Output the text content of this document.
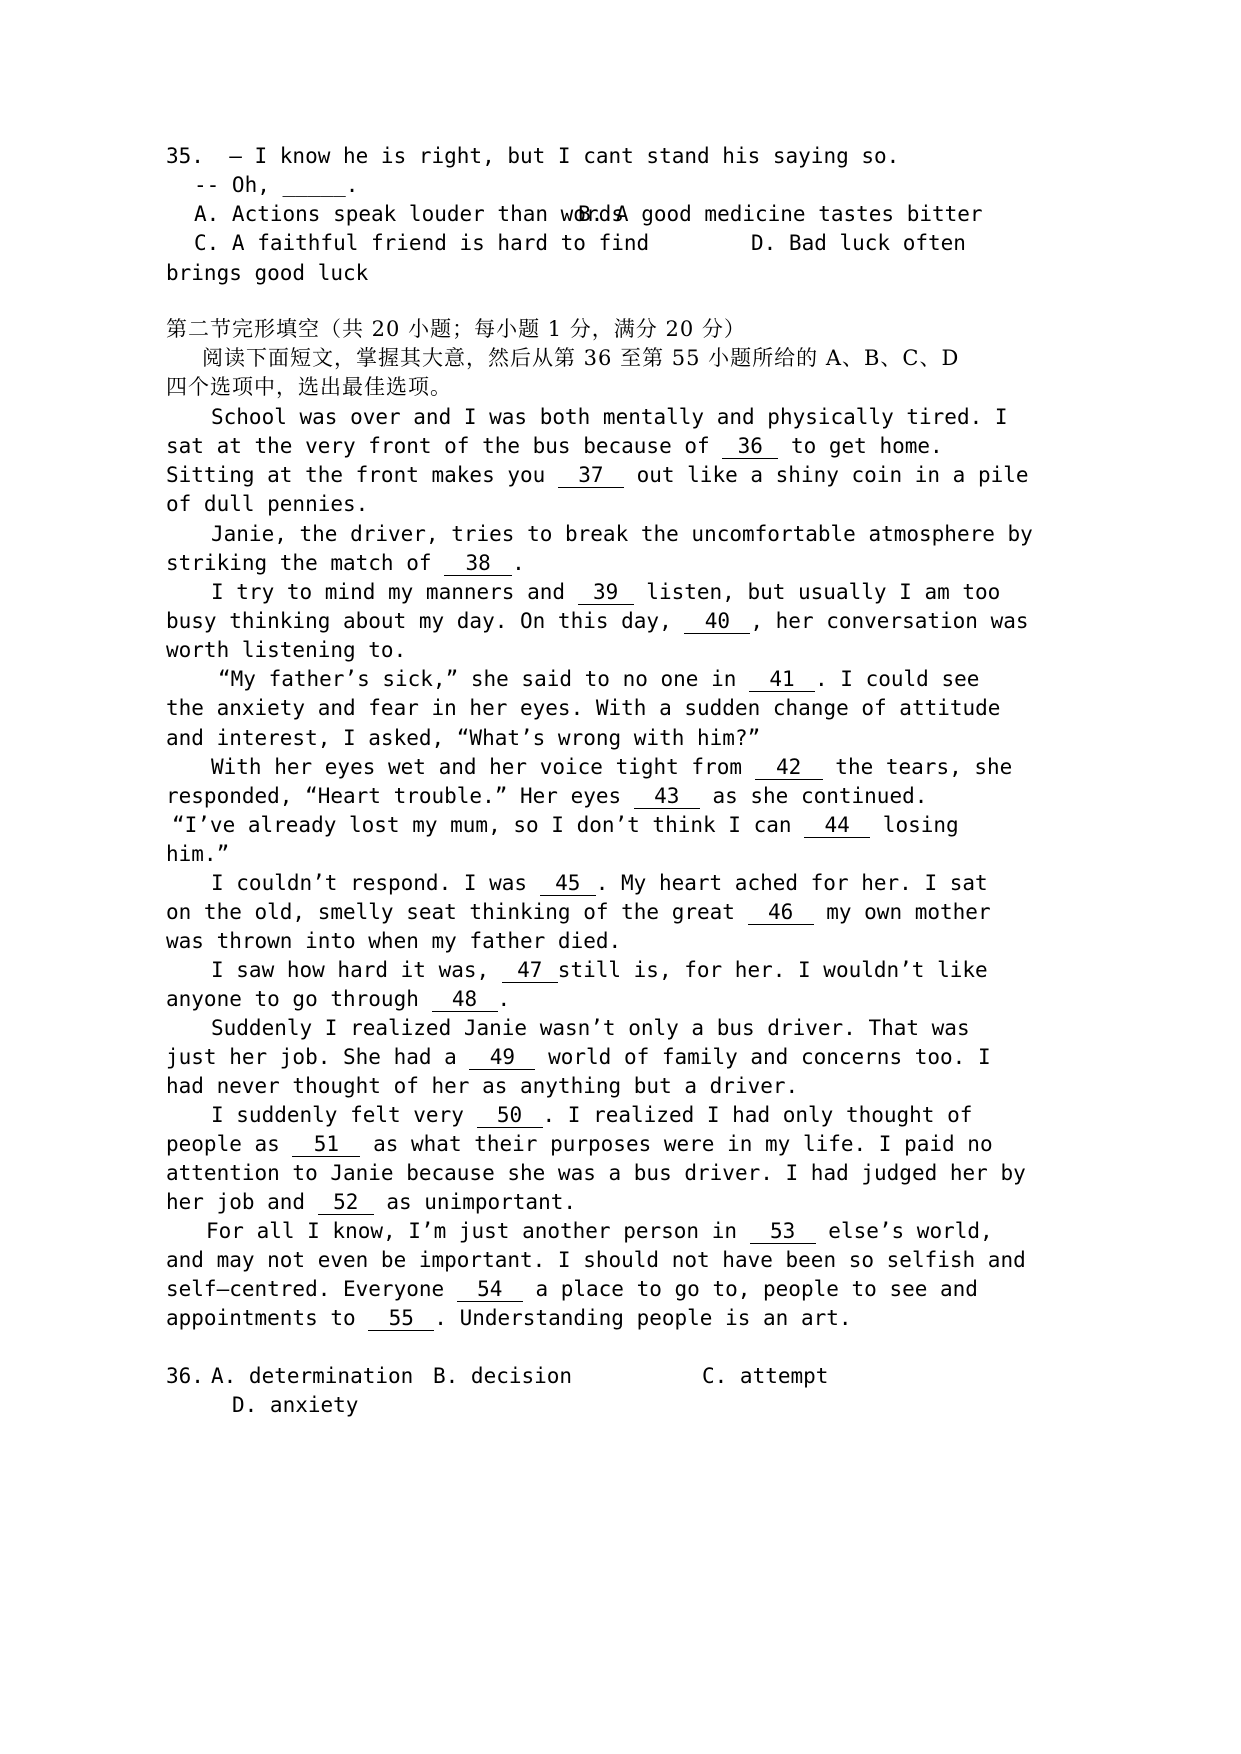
35.  – I know he is right, but I cant stand his saying so.
-- Oh, _____.
A. Actions speak louder than words
B. A good medicine tastes bitter
C. A faithful friend is hard to find	D. Bad luck often
brings good luck
第二节完形填空（共 20 小题；每小题 1 分，满分 20 分）
阅读下面短文，掌握其大意，然后从第 36 至第 55 小题所给的 A、B、C、D
四个选项中，选出最佳选项。
School was over and I was both mentally and physically tired. I
sat at the very front of the bus because of 36 to get home.
Sitting at the front makes you 37 out like a shiny coin in a pile
of dull pennies.
Janie, the driver, tries to break the uncomfortable atmosphere by
striking the match of 38 .
I try to mind my manners and 39 listen, but usually I am too
busy thinking about my day. On this day, 40 , her conversation was
worth listening to.
“My father’s sick,” she said to no one in 41 . I could see
the anxiety and fear in her eyes. With a sudden change of attitude
and interest, I asked, “What’s wrong with him?”
With her eyes wet and her voice tight from 42 the tears, she
responded, “Heart trouble.” Her eyes 43 as she continued.
“I’ve already lost my mum, so I don’t think I can 44 losing
him.”
I couldn’t respond. I was 45 . My heart ached for her. I sat
on the old, smelly seat thinking of the great 46 my own mother
was thrown into when my father died.
I saw how hard it was, 47 still is, for her. I wouldn’t like
anyone to go through 48 .
Suddenly I realized Janie wasn’t only a bus driver. That was
just her job. She had a 49 world of family and concerns too. I
had never thought of her as anything but a driver.
I suddenly felt very 50 . I realized I had only thought of
people as 51 as what their purposes were in my life. I paid no
attention to Janie because she was a bus driver. I had judged her by
her job and 52 as unimportant.
For all I know, I’m just another person in 53 else’s world,
and may not even be important. I should not have been so selfish and
self—centred. Everyone 54 a place to go to, people to see and
appointments to 55 . Understanding people is an art.
36. A. determination B. decision	C. attempt
D. anxiety
